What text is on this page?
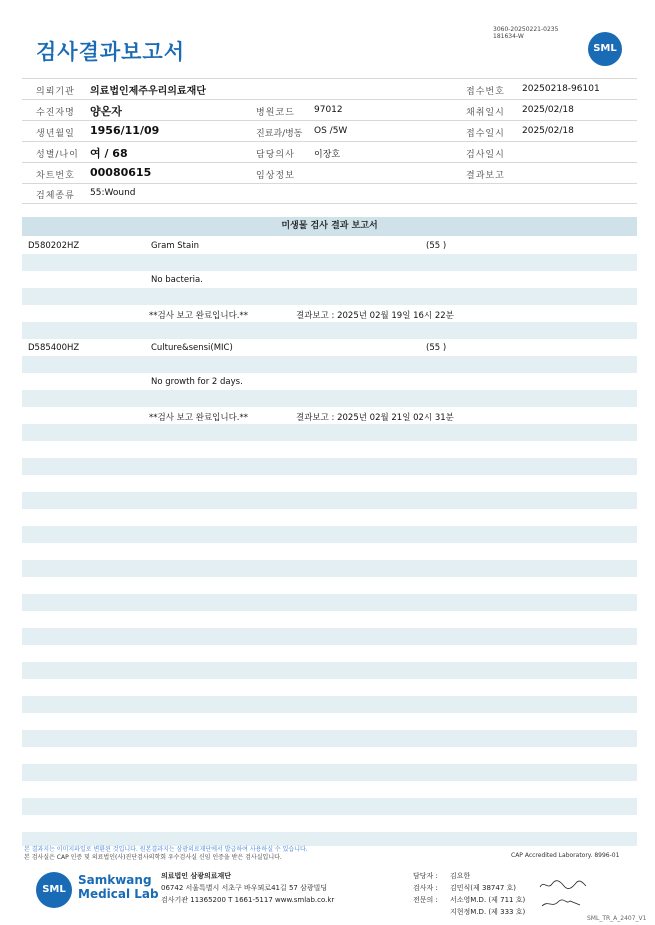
검사결과보고서
3060-20250221-0235
181634-W
SML
의뢰기관 의료법인제주우리의료재단	접수번호 20250218-96101
수진자명 양온자	병원코드 97012	채취일시 2025/02/18
생년월일 1956/11/09	진료과/병동 OS /5W	접수일시 2025/02/18
성별/나이 여 / 68	담당의사 이장호	검사일시
차트번호 00080615	임상정보	결과보고
검체종류 55:Wound
미생물 검사 결과 보고서
D580202HZ	Gram Stain	(55 )
No bacteria.
**검사 보고 완료입니다.**	결과보고 : 2025년 02월 19일 16시 22분
D585400HZ	Culture&sensi(MIC)	(55 )
No growth for 2 days.
**검사 보고 완료입니다.**	결과보고 : 2025년 02월 21일 02시 31분
본 결과지는 이미지파일로 변환된 것입니다. 원본결과지는 삼광의료재단에서 발급하여 사용하실 수 있습니다.
본 검사실은 CAP 인증 및 의료법인(사)진단검사의학회 우수검사실 신임 인증을 받은 검사실입니다.	CAP Accredited Laboratory. 8996-01
SML
Samkwang
Medical Lab
의료법인 삼광의료재단
06742 서울특별시 서초구 바우뫼로41길 57 삼광빌딩
검사기관 11365200 T 1661-5117 www.smlab.co.kr
담당자 : 김요한
검사자 : 김민식(제 38747 호)
전문의 : 서소영M.D. (제 711 호)
지현정M.D. (제 333 호)
SML_TR_A_2407_V1
